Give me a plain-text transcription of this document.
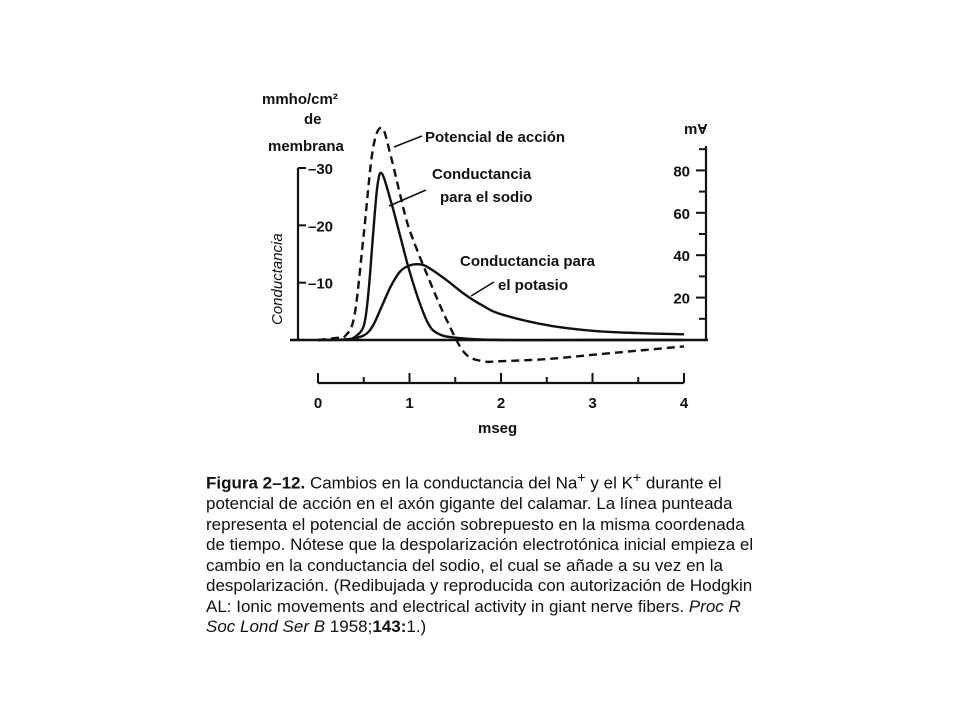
mmho/cm²
de
membrana
Conductancia
mV
mseg
0	1	2	3	4
–10
–20
–30
20
40
60
80
Potencial de acción
Conductancia
para el sodio
Conductancia para
el potasio
Figura 2–12. Cambios en la conductancia del Na+ y el K+ durante el potencial de acción en el axón gigante del calamar. La línea punteada representa el potencial de acción sobrepuesto en la misma coordenada de tiempo. Nótese que la despolarización electrotónica inicial empieza el cambio en la conductancia del sodio, el cual se añade a su vez en la despolarización. (Redibujada y reproducida con autorización de Hodgkin AL: Ionic movements and electrical activity in giant nerve fibers. Proc R Soc Lond Ser B 1958;143:1.)
